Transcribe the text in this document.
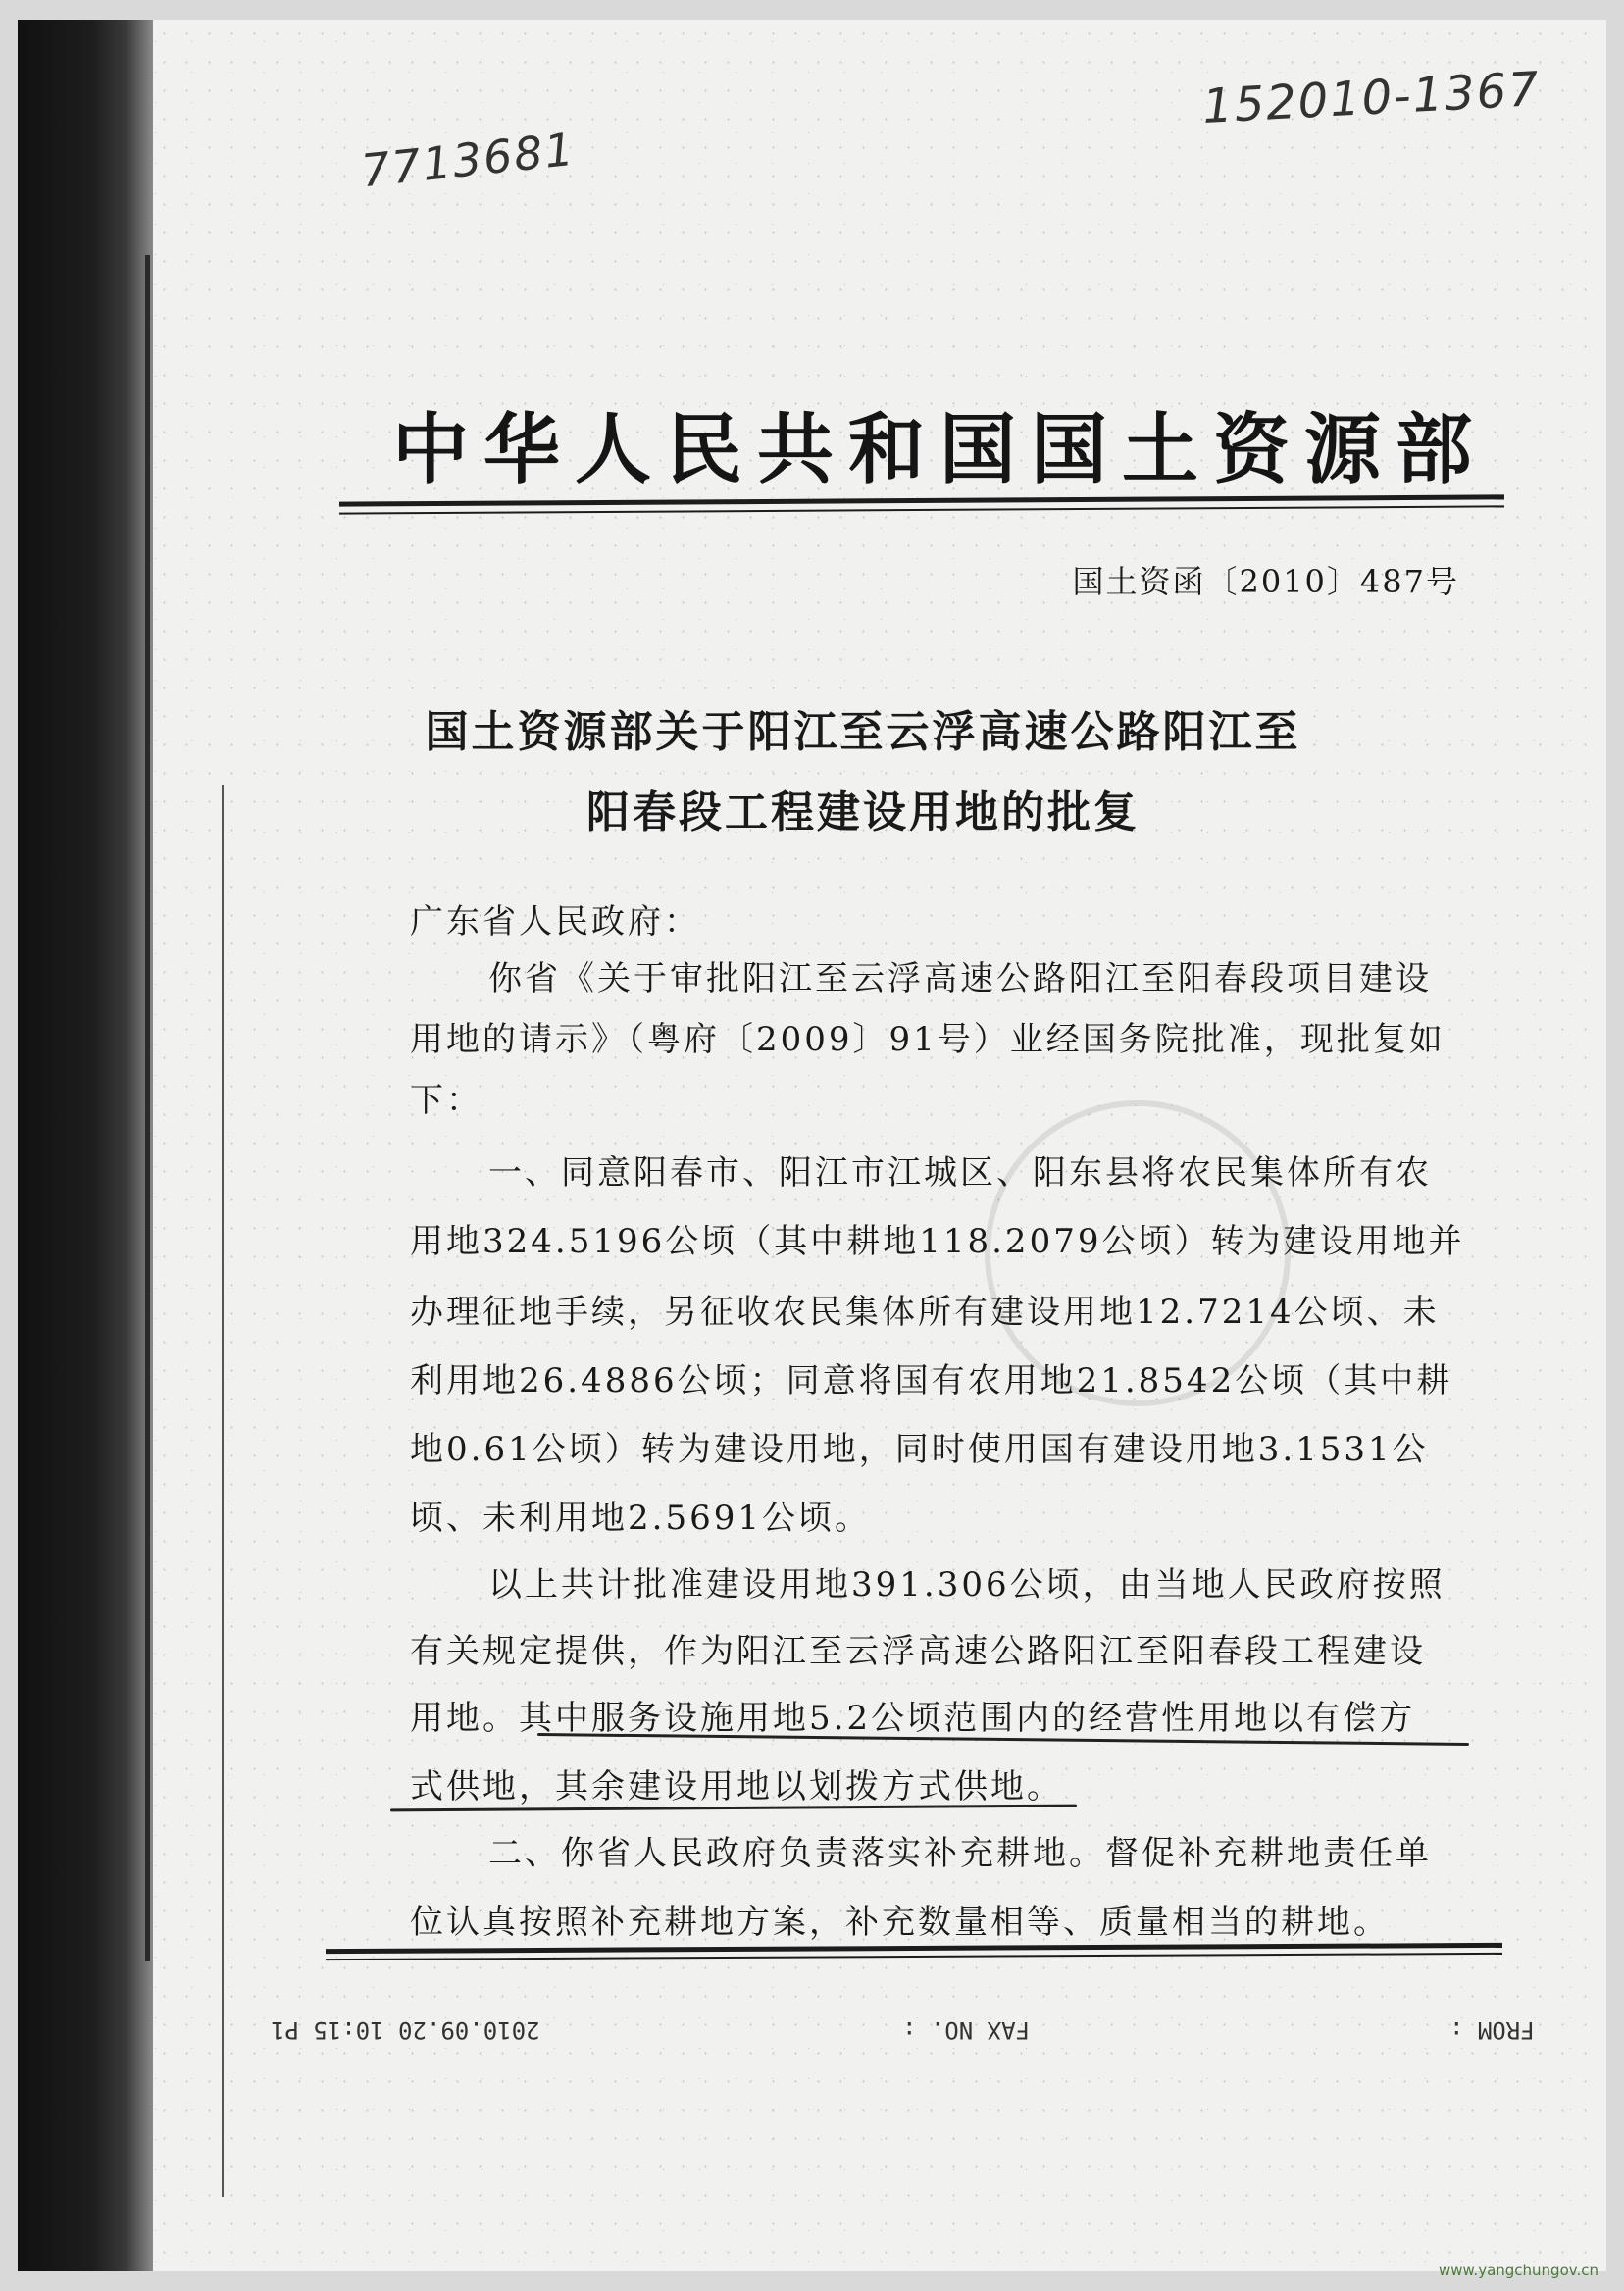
7713681
152010-1367
中华人民共和国国土资源部
国土资函〔2010〕487号
国土资源部关于阳江至云浮高速公路阳江至
阳春段工程建设用地的批复
广东省人民政府：
你省《关于审批阳江至云浮高速公路阳江至阳春段项目建设
用地的请示》（粤府〔2009〕91号）业经国务院批准，现批复如
下：
一、同意阳春市、阳江市江城区、阳东县将农民集体所有农
用地324.5196公顷（其中耕地118.2079公顷）转为建设用地并
办理征地手续，另征收农民集体所有建设用地12.7214公顷、未
利用地26.4886公顷；同意将国有农用地21.8542公顷（其中耕
地0.61公顷）转为建设用地，同时使用国有建设用地3.1531公
顷、未利用地2.5691公顷。
以上共计批准建设用地391.306公顷，由当地人民政府按照
有关规定提供，作为阳江至云浮高速公路阳江至阳春段工程建设
用地。其中服务设施用地5.2公顷范围内的经营性用地以有偿方
式供地，其余建设用地以划拨方式供地。
二、你省人民政府负责落实补充耕地。督促补充耕地责任单
位认真按照补充耕地方案，补充数量相等、质量相当的耕地。
2010.09.20 10:15 P1	FAX NO. :	FROM :
www.yangchungov.cn
